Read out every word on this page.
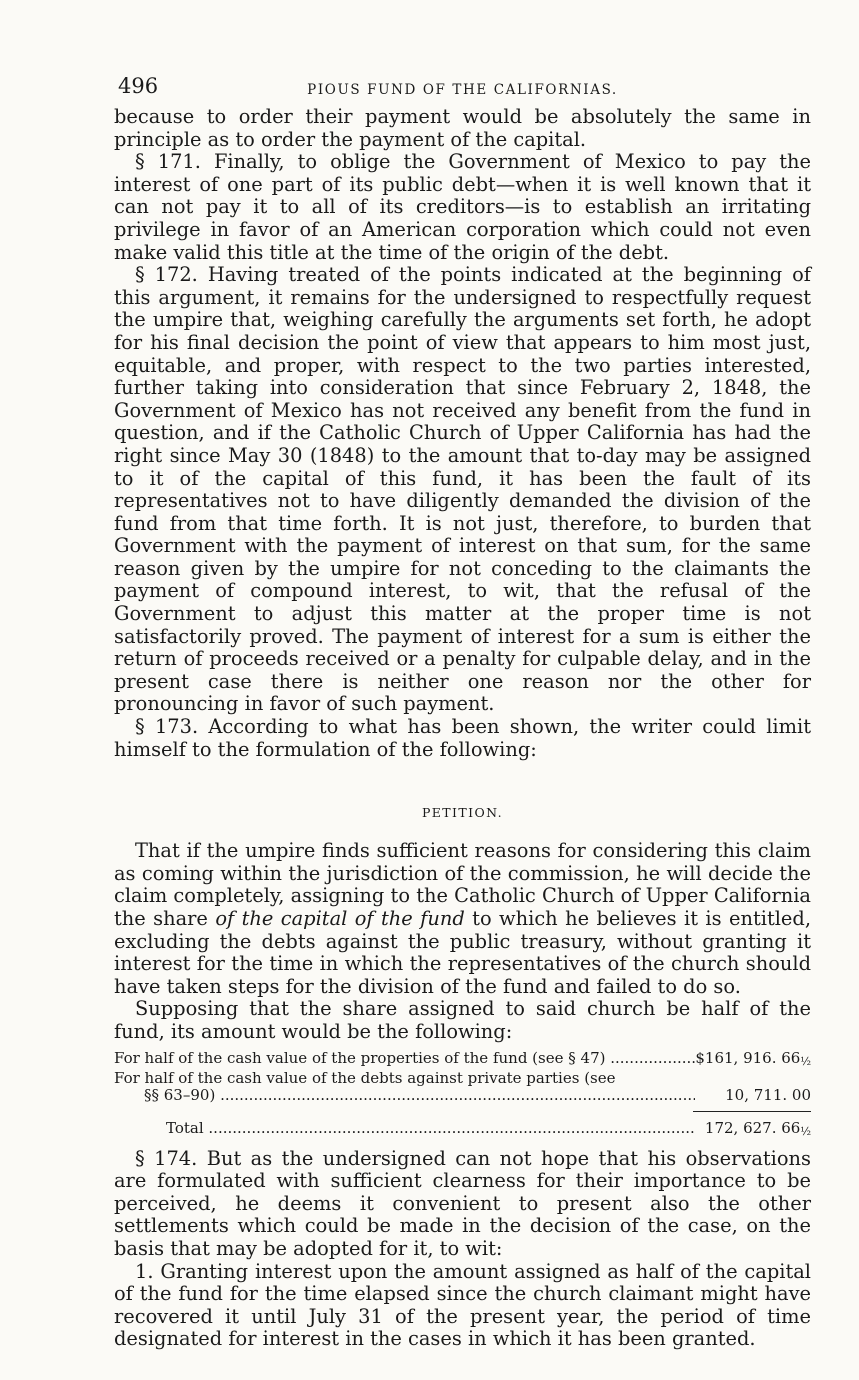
496	PIOUS FUND OF THE CALIFORNIAS.

because to order their payment would be absolutely the same in principle as to order the payment of the capital.

§ 171. Finally, to oblige the Government of Mexico to pay the interest of one part of its public debt—when it is well known that it can not pay it to all of its creditors—is to establish an irritating privilege in favor of an American corporation which could not even make valid this title at the time of the origin of the debt.

§ 172. Having treated of the points indicated at the beginning of this argument, it remains for the undersigned to respectfully request the umpire that, weighing carefully the arguments set forth, he adopt for his final decision the point of view that appears to him most just, equitable, and proper, with respect to the two parties interested, further taking into consideration that since February 2, 1848, the Government of Mexico has not received any benefit from the fund in question, and if the Catholic Church of Upper California has had the right since May 30 (1848) to the amount that to-day may be assigned to it of the capital of this fund, it has been the fault of its representatives not to have diligently demanded the division of the fund from that time forth. It is not just, therefore, to burden that Government with the payment of interest on that sum, for the same reason given by the umpire for not conceding to the claimants the payment of compound interest, to wit, that the refusal of the Government to adjust this matter at the proper time is not satisfactorily proved. The payment of interest for a sum is either the return of proceeds received or a penalty for culpable delay, and in the present case there is neither one reason nor the other for pronouncing in favor of such payment.

§ 173. According to what has been shown, the writer could limit himself to the formulation of the following:

PETITION.

That if the umpire finds sufficient reasons for considering this claim as coming within the jurisdiction of the commission, he will decide the claim completely, assigning to the Catholic Church of Upper California the share of the capital of the fund to which he believes it is entitled, excluding the debts against the public treasury, without granting it interest for the time in which the representatives of the church should have taken steps for the division of the fund and failed to do so.

Supposing that the share assigned to said church be half of the fund, its amount would be the following:

For half of the cash value of the properties of the fund (see § 47) .....	$161, 916. 66½
For half of the cash value of the debts against private parties (see
§§ 63–90) .....	10, 711. 00
Total .....	172, 627. 66½

§ 174. But as the undersigned can not hope that his observations are formulated with sufficient clearness for their importance to be perceived, he deems it convenient to present also the other settlements which could be made in the decision of the case, on the basis that may be adopted for it, to wit:

1. Granting interest upon the amount assigned as half of the capital of the fund for the time elapsed since the church claimant might have recovered it until July 31 of the present year, the period of time designated for interest in the cases in which it has been granted.
